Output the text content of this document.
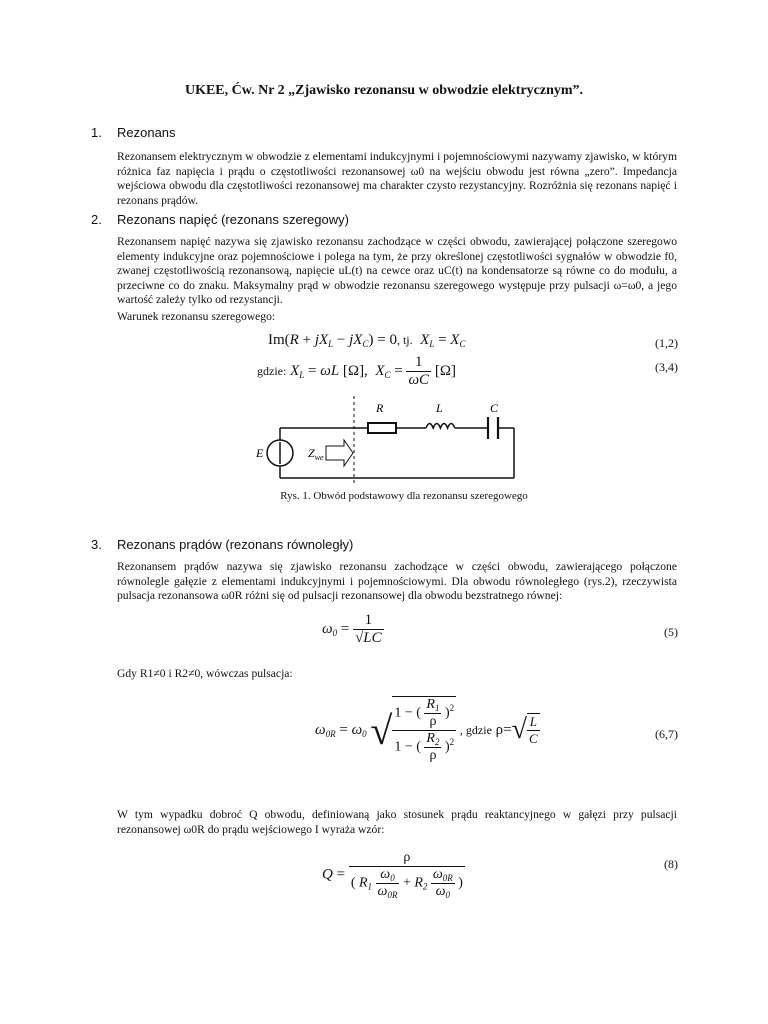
UKEE, Ćw. Nr 2 „Zjawisko rezonansu w obwodzie elektrycznym”.
1. Rezonans

Rezonansem elektrycznym w obwodzie z elementami indukcyjnymi i pojemnościowymi nazywamy zjawisko, w którym różnica faz napięcia i prądu o częstotliwości rezonansowej ω0 na wejściu obwodu jest równa „zero”. Impedancja wejściowa obwodu dla częstotliwości rezonansowej ma charakter czysto rezystancyjny. Rozróżnia się rezonans napięć i rezonans prądów.

2. Rezonans napięć (rezonans szeregowy)

Rezonansem napięć nazywa się zjawisko rezonansu zachodzące w części obwodu, zawierającej połączone szeregowo elementy indukcyjne oraz pojemnościowe i polega na tym, że przy określonej częstotliwości sygnałów w obwodzie f0, zwanej częstotliwością rezonansową, napięcie uL(t) na cewce oraz uC(t) na kondensatorze są równe co do modułu, a przeciwne co do znaku. Maksymalny prąd w obwodzie rezonansu szeregowego występuje przy pulsacji ω=ω0, a jego wartość zależy tylko od rezystancji.

Warunek rezonansu szeregowego:
$Im(R + jX_L - jX_C) = 0$, tj. $X_L = X_C$	(1,2)
gdzie: $X_L = \omega L$ [Ω],  $X_C = \frac{1}{\omega C} [\Omega]$	(3,4)
E
R	L	C
$Z_{we}$
Rys. 1. Obwód podstawowy dla rezonansu szeregowego
3. Rezonans prądów (rezonans równoległy)

Rezonansem prądów nazywa się zjawisko rezonansu zachodzące w części obwodu, zawierającego połączone równolegle gałęzie z elementami indukcyjnymi i pojemnościowymi. Dla obwodu równoległego (rys.2), rzeczywista pulsacja rezonansowa ω0R różni się od pulsacji rezonansowej dla obwodu bezstratnego równej:

$\omega_0 = \frac{1}{√LC}$	(5)
Gdy R1≠0 i R2≠0, wówczas pulsacja:
$\omega_{0R} = \omega_0$ √ $\frac{1 - ( \frac{R_1}{\rho} )^2}{1 - ( \frac{R_2}{\rho} )^2}$ , gdzie $\rho=√ \frac{L}{C}$	(6,7)

W tym wypadku dobroć Q obwodu, definiowaną jako stosunek prądu reaktancyjnego w gałęzi przy pulsacji rezonansowej ω0R do prądu wejściowego I wyraża wzór:

$Q = \frac{\rho}{( R_1 \frac{\omega_0}{\omega_{0R}} + R_2 \frac{\omega_{0R}}{\omega_0} )}$	(8)
